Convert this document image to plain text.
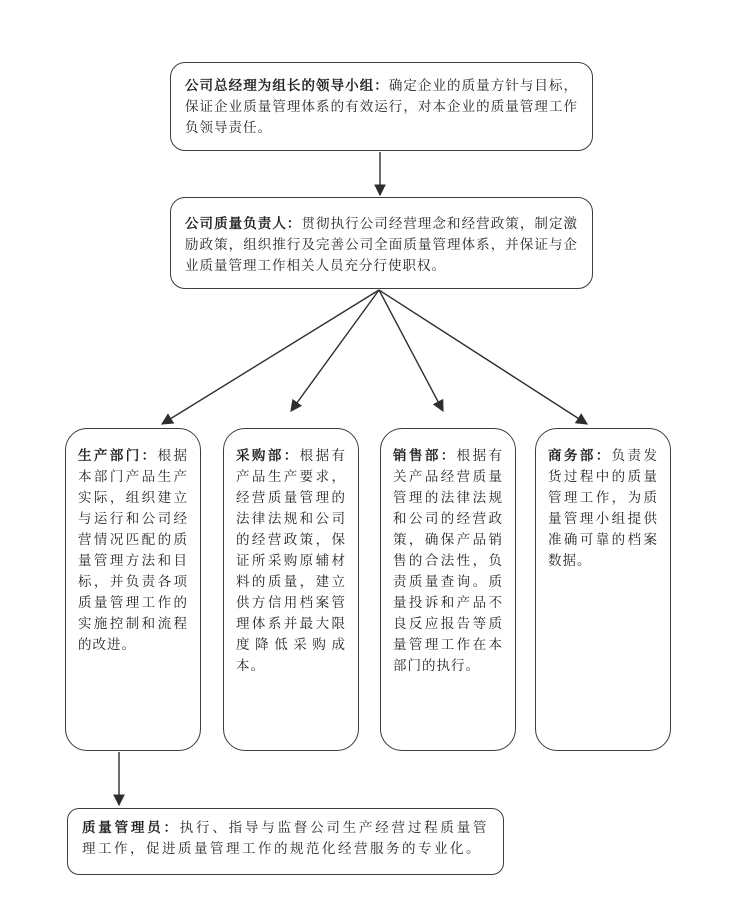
公司总经理为组长的领导小组：确定企业的质量方针与目标，保证企业质量管理体系的有效运行，对本企业的质量管理工作负领导责任。

公司质量负责人：贯彻执行公司经营理念和经营政策，制定激励政策，组织推行及完善公司全面质量管理体系，并保证与企业质量管理工作相关人员充分行使职权。

生产部门：根据本部门产品生产实际，组织建立与运行和公司经营情况匹配的质量管理方法和目标，并负责各项质量管理工作的实施控制和流程的改进。

采购部：根据有产品生产要求，经营质量管理的法律法规和公司的经营政策，保证所采购原辅材料的质量，建立供方信用档案管理体系并最大限度降低采购成本。

销售部：根据有关产品经营质量管理的法律法规和公司的经营政策，确保产品销售的合法性，负责质量查询。质量投诉和产品不良反应报告等质量管理工作在本部门的执行。

商务部：负责发货过程中的质量管理工作，为质量管理小组提供准确可靠的档案数据。

质量管理员：执行、指导与监督公司生产经营过程质量管理工作，促进质量管理工作的规范化经营服务的专业化。
